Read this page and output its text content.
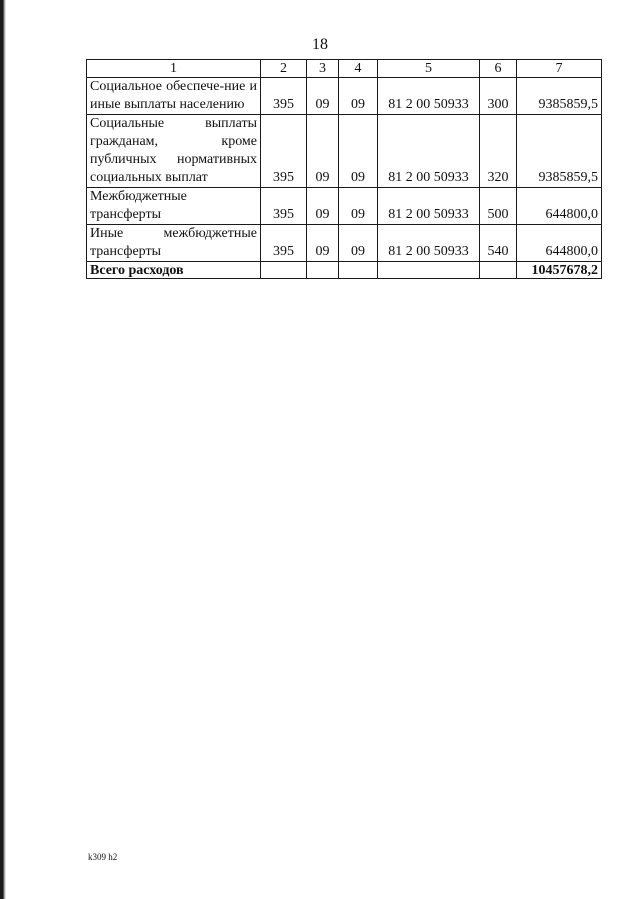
18
1	2	3	4	5	6	7
Социальное обеспече-ние и иные выплаты населению	395	09	09	81 2 00 50933	300	9385859,5
Социальные выплаты гражданам, кроме публичных нормативных социальных выплат	395	09	09	81 2 00 50933	320	9385859,5
Межбюджетные трансферты	395	09	09	81 2 00 50933	500	644800,0
Иные межбюджетные трансферты	395	09	09	81 2 00 50933	540	644800,0
Всего расходов						10457678,2
k309 h2
